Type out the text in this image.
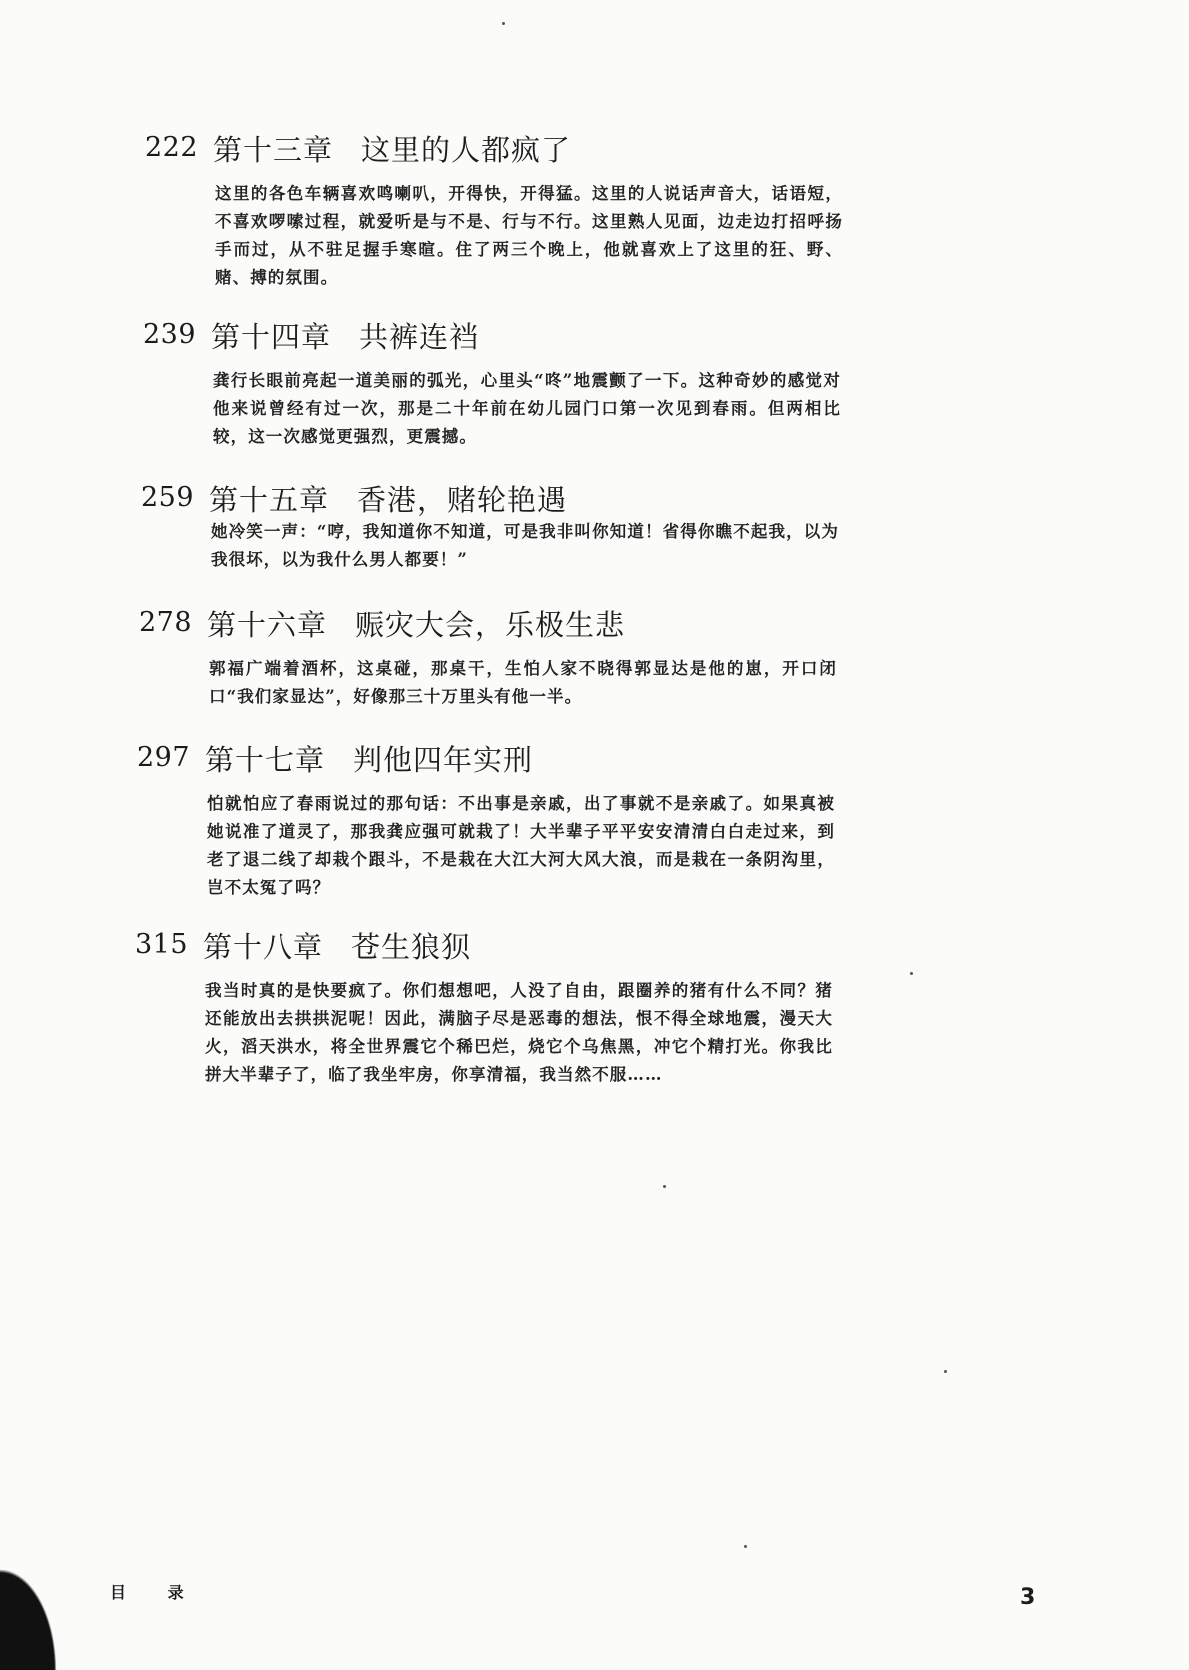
222 第十三章 这里的人都疯了
这里的各色车辆喜欢鸣喇叭，开得快，开得猛。这里的人说话声音大，话语短，不喜欢啰嗦过程，就爱听是与不是、行与不行。这里熟人见面，边走边打招呼扬手而过，从不驻足握手寒暄。住了两三个晚上，他就喜欢上了这里的狂、野、赌、搏的氛围。
239 第十四章 共裤连裆
龚行长眼前亮起一道美丽的弧光，心里头“咚”地震颤了一下。这种奇妙的感觉对他来说曾经有过一次，那是二十年前在幼儿园门口第一次见到春雨。但两相比较，这一次感觉更强烈，更震撼。
259 第十五章 香港，赌轮艳遇
她冷笑一声：“哼，我知道你不知道，可是我非叫你知道！省得你瞧不起我，以为我很坏，以为我什么男人都要！”
278 第十六章 赈灾大会，乐极生悲
郭福广端着酒杯，这桌碰，那桌干，生怕人家不晓得郭显达是他的崽，开口闭口“我们家显达”，好像那三十万里头有他一半。
297 第十七章 判他四年实刑
怕就怕应了春雨说过的那句话：不出事是亲戚，出了事就不是亲戚了。如果真被她说准了道灵了，那我龚应强可就栽了！大半辈子平平安安清清白白走过来，到老了退二线了却栽个跟斗，不是栽在大江大河大风大浪，而是栽在一条阴沟里，岂不太冤了吗？
315 第十八章 苍生狼狈
我当时真的是快要疯了。你们想想吧，人没了自由，跟圈养的猪有什么不同？猪还能放出去拱拱泥呢！因此，满脑子尽是恶毒的想法，恨不得全球地震，漫天大火，滔天洪水，将全世界震它个稀巴烂，烧它个乌焦黑，冲它个精打光。你我比拼大半辈子了，临了我坐牢房，你享清福，我当然不服……
目 录	3
